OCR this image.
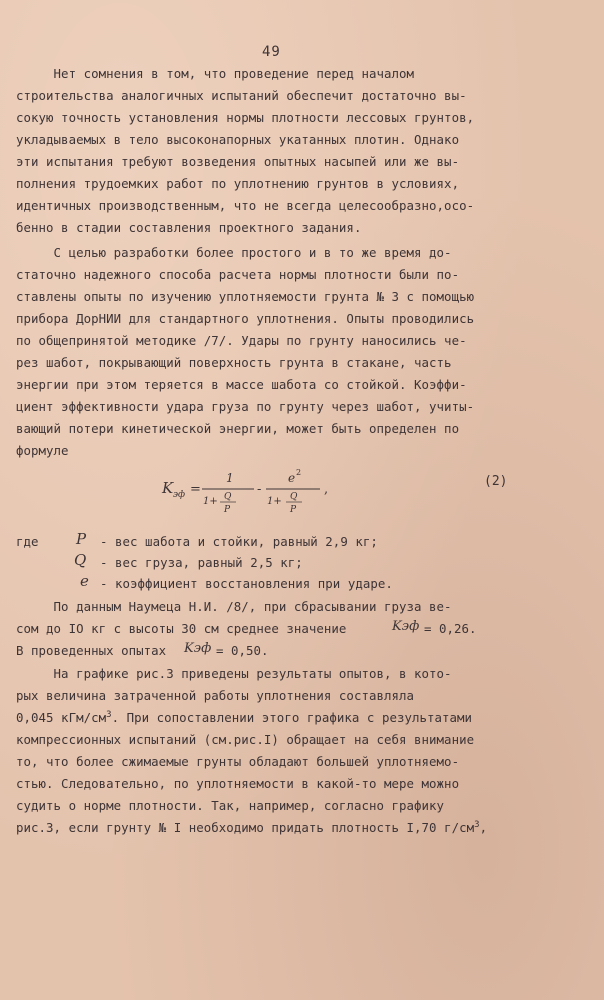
49
Нет сомнения в том, что проведение перед началом
строительства аналогичных испытаний обеспечит достаточно вы-
сокую точность установления нормы плотности лессовых грунтов,
укладываемых в тело высоконапорных укатанных плотин. Однако
эти испытания требуют возведения опытных насыпей или же вы-
полнения трудоемких работ по уплотнению грунтов в условиях,
идентичных производственным, что не всегда целесообразно,осо-
бенно в стадии составления проектного задания.
С целью разработки более простого и в то же время до-
статочно надежного способа расчета нормы плотности были по-
ставлены опыты по изучению уплотняемости грунта № 3 с помощью
прибора ДорНИИ для стандартного уплотнения. Опыты проводились
по общепринятой методике /7/. Удары по грунту наносились че-
рез шабот, покрывающий поверхность грунта в стакане, часть
энергии при этом теряется в массе шабота со стойкой. Коэффи-
циент эффективности удара груза по грунту через шабот, учиты-
вающий потери кинетической энергии, может быть определен по
формуле
K эф =
1
1+ Q
P
-
e 2
1+ Q
P
,
(2)
где P - вес шабота и стойки, равный 2,9 кг;
Q - вес груза, равный 2,5 кг;
e - коэффициент восстановления при ударе.
По данным Наумеца Н.И. /8/, при сбрасывании груза ве-
сом до IO кг с высоты 30 см среднее значение	Kэф = 0,26.
В проведенных опытах Kэф = 0,50.
На графике рис.3 приведены результаты опытов, в кото-
рых величина затраченной работы уплотнения составляла
0,045 кГм/$см^3$. При сопоставлении этого графика с результатами
компрессионных испытаний (см.рис.I) обращает на себя внимание
то, что более сжимаемые грунты обладают большей уплотняемо-
стью. Следовательно, по уплотняемости в какой-то мере можно
судить о норме плотности. Так, например, согласно графику
рис.3, если грунту № I необходимо придать плотность I,70 $г/см^3$,
